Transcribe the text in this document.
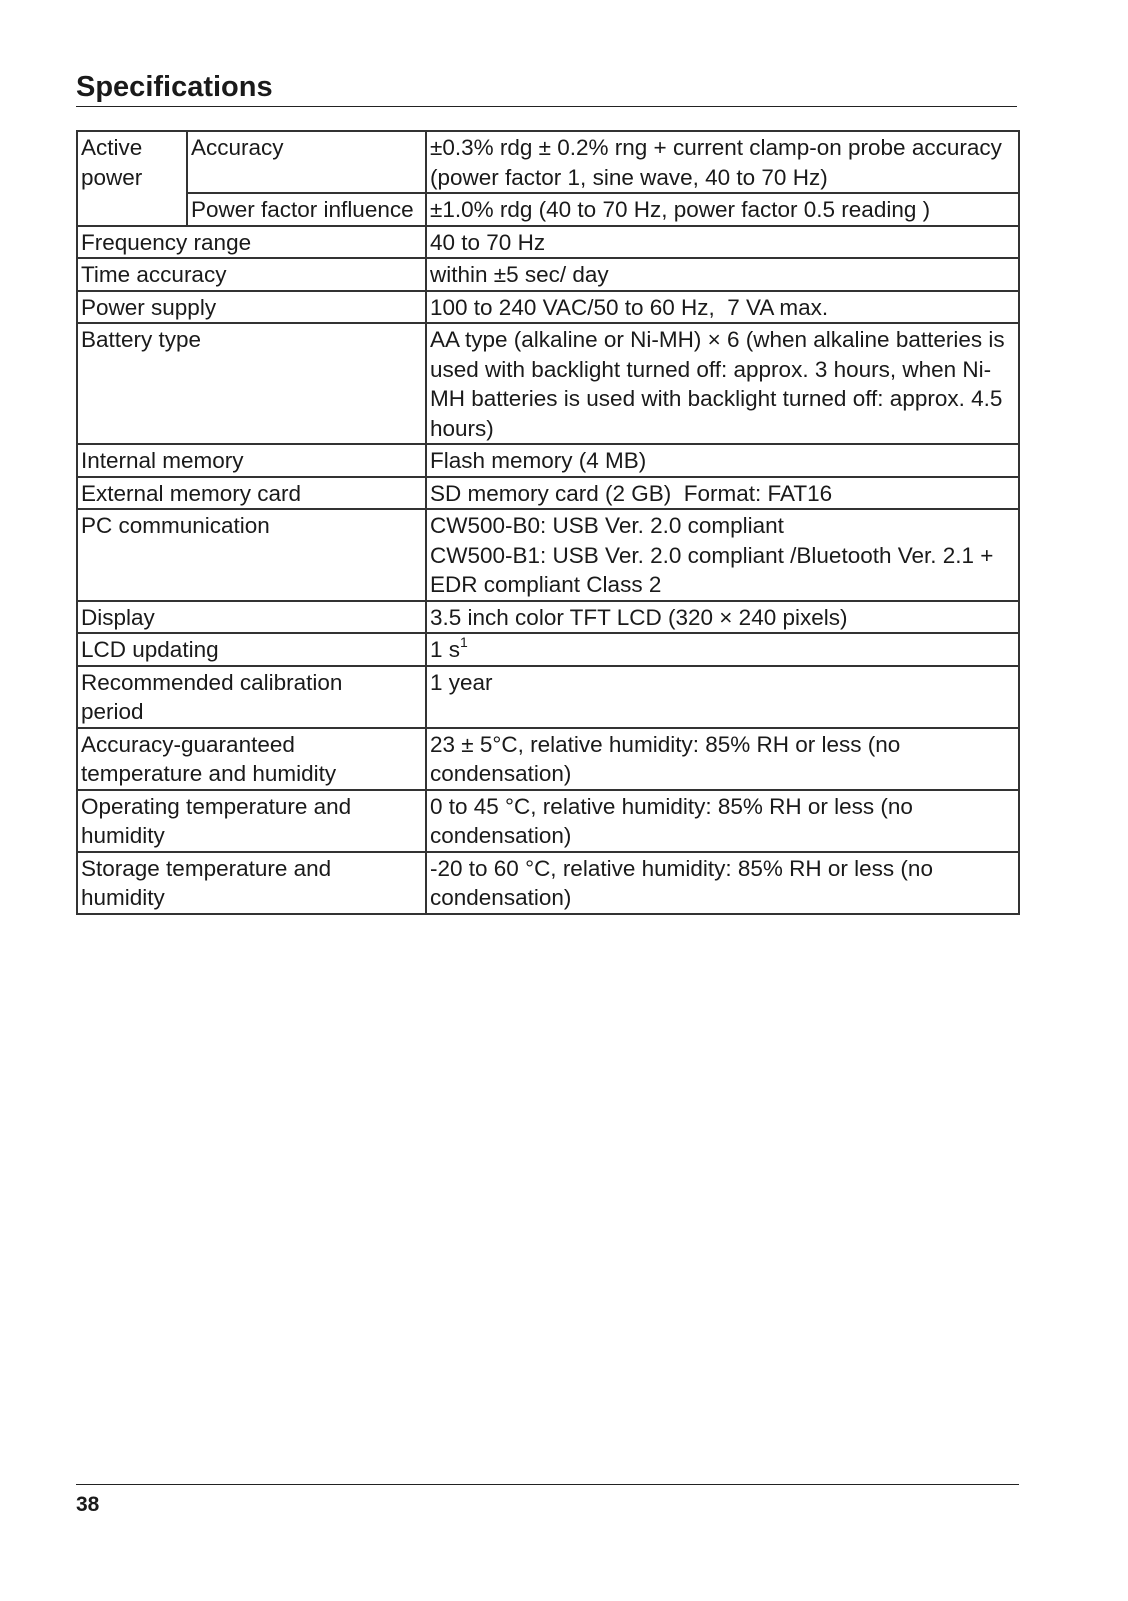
Specifications
Active power	Accuracy	±0.3% rdg ± 0.2% rng + current clamp-on probe accuracy (power factor 1, sine wave, 40 to 70 Hz)
	Power factor influence	±1.0% rdg (40 to 70 Hz, power factor 0.5 reading )
Frequency range		40 to 70 Hz
Time accuracy		within ±5 sec/ day
Power supply		100 to 240 VAC/50 to 60 Hz,  7 VA max.
Battery type		AA type (alkaline or Ni-MH) × 6 (when alkaline batteries is used with backlight turned off: approx. 3 hours, when Ni-MH batteries is used with backlight turned off: approx. 4.5 hours)
Internal memory		Flash memory (4 MB)
External memory card		SD memory card (2 GB)  Format: FAT16
PC communication		CW500-B0: USB Ver. 2.0 compliant
CW500-B1: USB Ver. 2.0 compliant /Bluetooth Ver. 2.1 + EDR compliant Class 2

Display		3.5 inch color TFT LCD (320 × 240 pixels)
LCD updating		1 $s^1$
Recommended calibration period		1 year
Accuracy-guaranteed temperature and humidity		23 ± 5°C, relative humidity: 85% RH or less (no condensation)
Operating temperature and humidity		0 to 45 °C, relative humidity: 85% RH or less (no condensation)
Storage temperature and humidity		-20 to 60 °C, relative humidity: 85% RH or less (no condensation)
38
